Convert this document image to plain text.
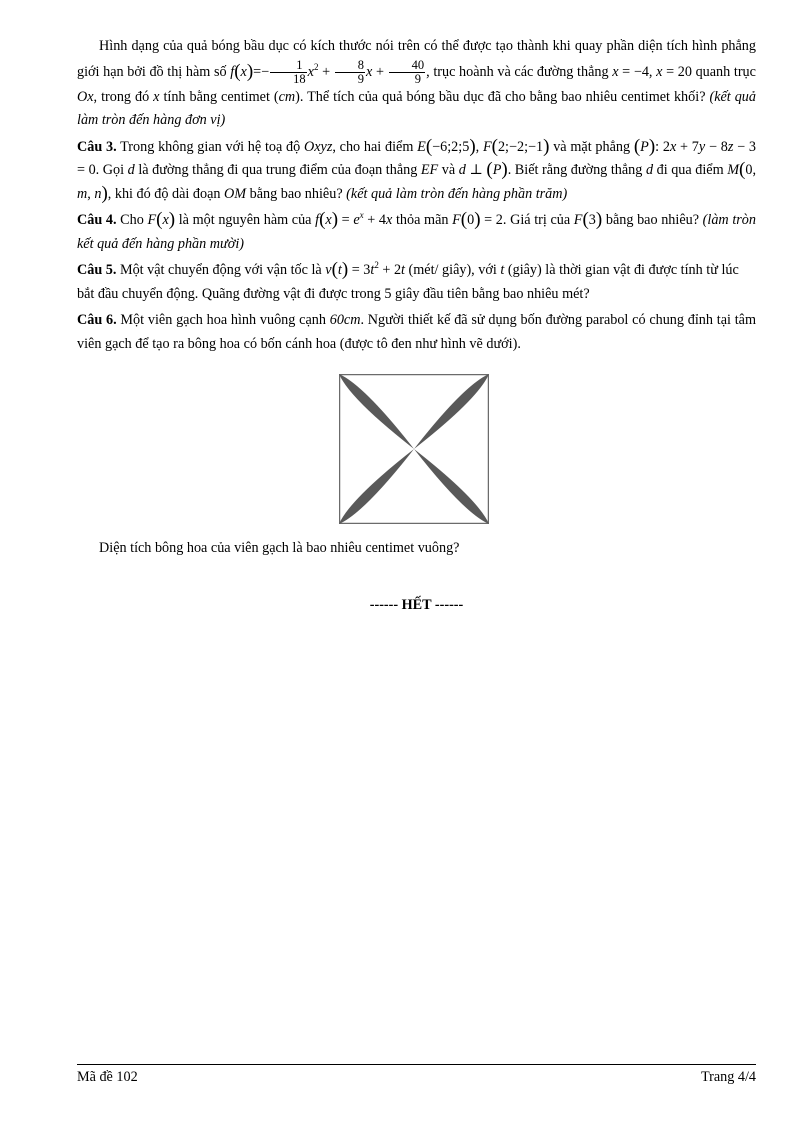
Hình dạng của quả bóng bầu dục có kích thước nói trên có thể được tạo thành khi quay phần diện tích hình phẳng giới hạn bởi đồ thị hàm số $f(x)=- \frac{1}{18} x^2 + \frac{8}{9}$ $x + \frac{40}{9}$ , trục hoành và các đường thẳng x = −4, x = 20 quanh trục Ox, trong đó x tính bằng centimet (cm). Thể tích của quả bóng bầu dục đã cho bằng bao nhiêu centimet khối? (kết quả làm tròn đến hàng đơn vị)

Câu 3. Trong không gian với hệ toạ độ Oxyz, cho hai điểm E(−6;2;5), F(2;−2;−1) và mặt phẳng (P): 2x + 7y − 8z − 3 = 0. Gọi d là đường thẳng đi qua trung điểm của đoạn thẳng EF và d ⊥ (P). Biết rằng đường thẳng d đi qua điểm M(0, m, n), khi đó độ dài đoạn OM bằng bao nhiêu? (kết quả làm tròn đến hàng phần trăm)

Câu 4. Cho F(x) là một nguyên hàm của $f(x) = e^x + 4x$ thỏa mãn F(0) = 2. Giá trị của F(3) bằng bao nhiêu? (làm tròn kết quả đến hàng phần mười)

Câu 5. Một vật chuyển động với vận tốc là $v(t) = 3t^2 + 2t$ (mét/ giây), với t (giây) là thời gian vật đi được tính từ lúc bắt đầu chuyển động. Quãng đường vật đi được trong 5 giây đầu tiên bằng bao nhiêu mét?

Câu 6. Một viên gạch hoa hình vuông cạnh 60cm. Người thiết kế đã sử dụng bốn đường parabol có chung đỉnh tại tâm viên gạch để tạo ra bông hoa có bốn cánh hoa (được tô đen như hình vẽ dưới).

Diện tích bông hoa của viên gạch là bao nhiêu centimet vuông?

------ HẾT ------

Mã đề 102	Trang 4/4
